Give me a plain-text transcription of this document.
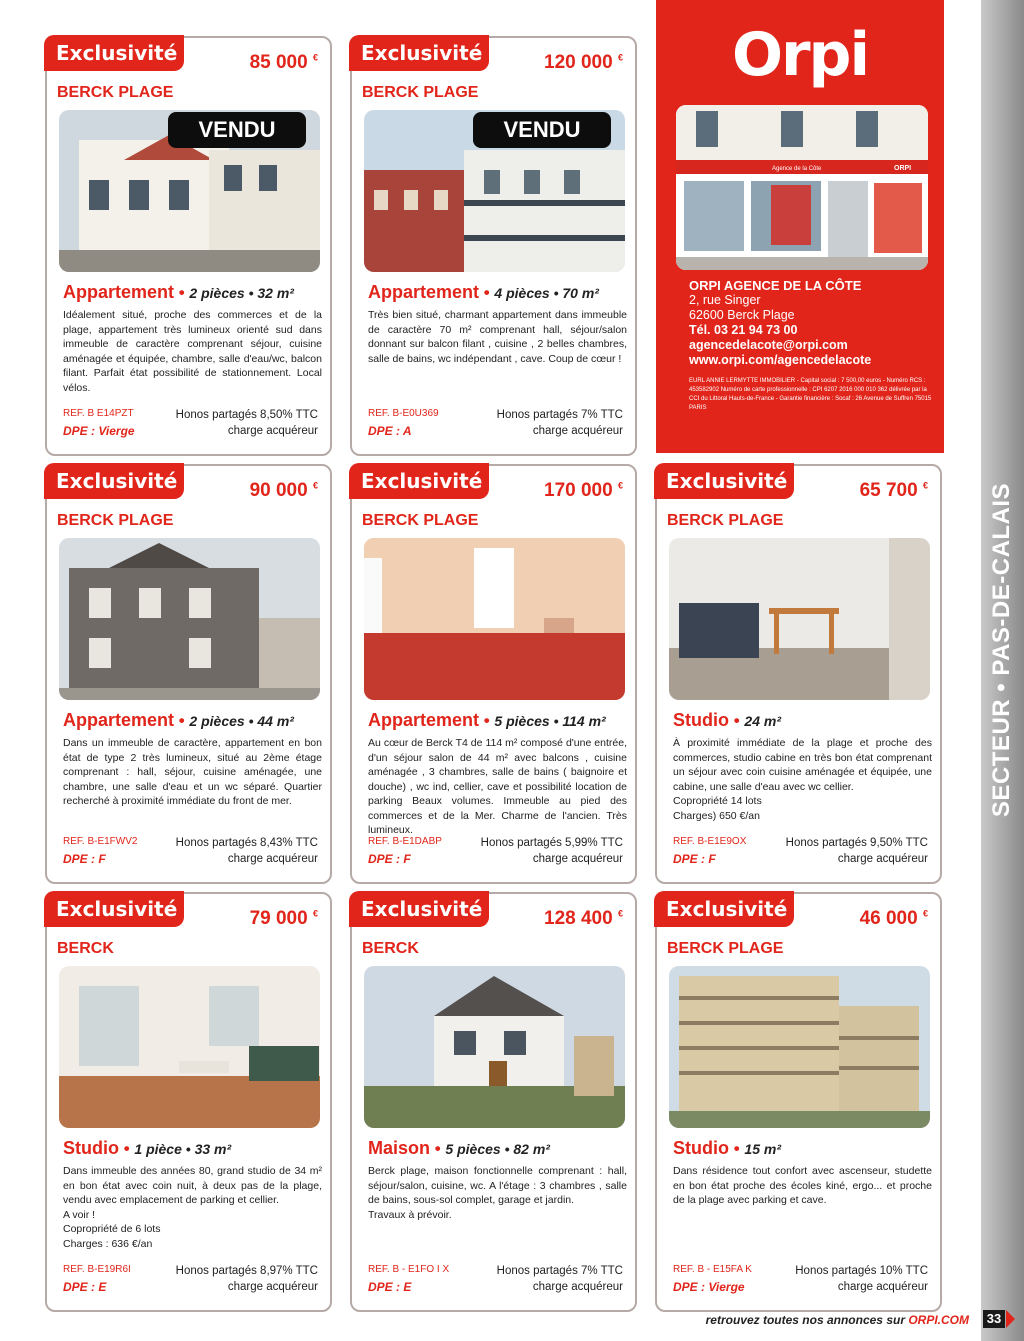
SECTEUR • PAS-DE-CALAIS
Orpi
Agence de la Côte	ORPI
ORPI AGENCE DE LA CÔTE
2, rue Singer
62600 Berck Plage
Tél. 03 21 94 73 00
agencedelacote@orpi.com
www.orpi.com/agencedelacote
EURL ANNIE LERMYTTE IMMOBILIER - Capital social : 7 500,00 euros - Numéro RCS : 453582902 Numéro de carte professionnelle : CPI 6207 2016 000 010 362 délivrée par la CCI du Littoral Hauts-de-France - Garantie financière : Socaf : 26 Avenue de Suffren 75015 PARIS
Exclusivité	85 000 €
BERCK PLAGE
VENDU
Appartement • 2 pièces • 32 m²

Idéalement situé, proche des commerces et de la plage, appartement très lumineux orienté sud dans immeuble de caractère comprenant séjour, cuisine aménagée et équipée, chambre, salle d'eau/wc, balcon filant. Parfait état possibilité de stationnement. Local vélos.

REF. B E14PZT
DPE : Vierge
Honos partagés 8,50% TTC
charge acquéreur
Exclusivité	120 000 €
BERCK PLAGE
VENDU
Appartement • 4 pièces • 70 m²

Très bien situé, charmant appartement dans immeuble de caractère 70 m² comprenant hall, séjour/salon donnant sur balcon filant , cuisine , 2 belles chambres, salle de bains, wc indépendant , cave. Coup de cœur !

REF. B-E0U369
DPE : A
Honos partagés 7% TTC
charge acquéreur
Exclusivité	90 000 €
BERCK PLAGE
Appartement • 2 pièces • 44 m²

Dans un immeuble de caractère, appartement en bon état de type 2 très lumineux, situé au 2ème étage comprenant : hall, séjour, cuisine aménagée, une chambre, une salle d'eau et un wc séparé. Quartier recherché à proximité immédiate du front de mer.

REF. B-E1FWV2
DPE : F
Honos partagés 8,43% TTC
charge acquéreur
Exclusivité	170 000 €
BERCK PLAGE
Appartement • 5 pièces • 114 m²

Au cœur de Berck T4 de 114 m² composé d'une entrée, d'un séjour salon de 44 m² avec balcons , cuisine aménagée , 3 chambres, salle de bains ( baignoire et douche) , wc ind, cellier, cave et possibilité location de parking Beaux volumes. Immeuble au pied des commerces et de la Mer. Charme de l'ancien. Très lumineux.

REF. B-E1DABP
DPE : F
Honos partagés 5,99% TTC
charge acquéreur
Exclusivité	65 700 €
BERCK PLAGE
Studio • 24 m²

À proximité immédiate de la plage et proche des commerces, studio cabine en très bon état comprenant un séjour avec coin cuisine aménagée et équipée, une cabine, une salle d'eau avec wc cellier.

Copropriété 14 lots

Charges) 650 €/an

REF. B-E1E9OX
DPE : F
Honos partagés 9,50% TTC
charge acquéreur
Exclusivité	79 000 €
BERCK
Studio • 1 pièce • 33 m²

Dans immeuble des années 80, grand studio de 34 m² en bon état avec coin nuit, à deux pas de la plage, vendu avec emplacement de parking et cellier.

A voir !

Copropriété de 6 lots

Charges : 636 €/an

REF. B-E19R6I
DPE : E
Honos partagés 8,97% TTC
charge acquéreur
Exclusivité	128 400 €
BERCK
Maison • 5 pièces • 82 m²

Berck plage, maison fonctionnelle comprenant : hall, séjour/salon, cuisine, wc. A l'étage : 3 chambres , salle de bains, sous-sol complet, garage et jardin.

Travaux à prévoir.

REF. B - E1FO I X
DPE : E
Honos partagés 7% TTC
charge acquéreur
Exclusivité	46 000 €
BERCK PLAGE
Studio • 15 m²

Dans résidence tout confort avec ascenseur, studette en bon état proche des écoles kiné, ergo... et proche de la plage avec parking et cave.

REF. B - E15FA K
DPE : Vierge
Honos partagés 10% TTC
charge acquéreur
retrouvez toutes nos annonces sur ORPI.COM 33
